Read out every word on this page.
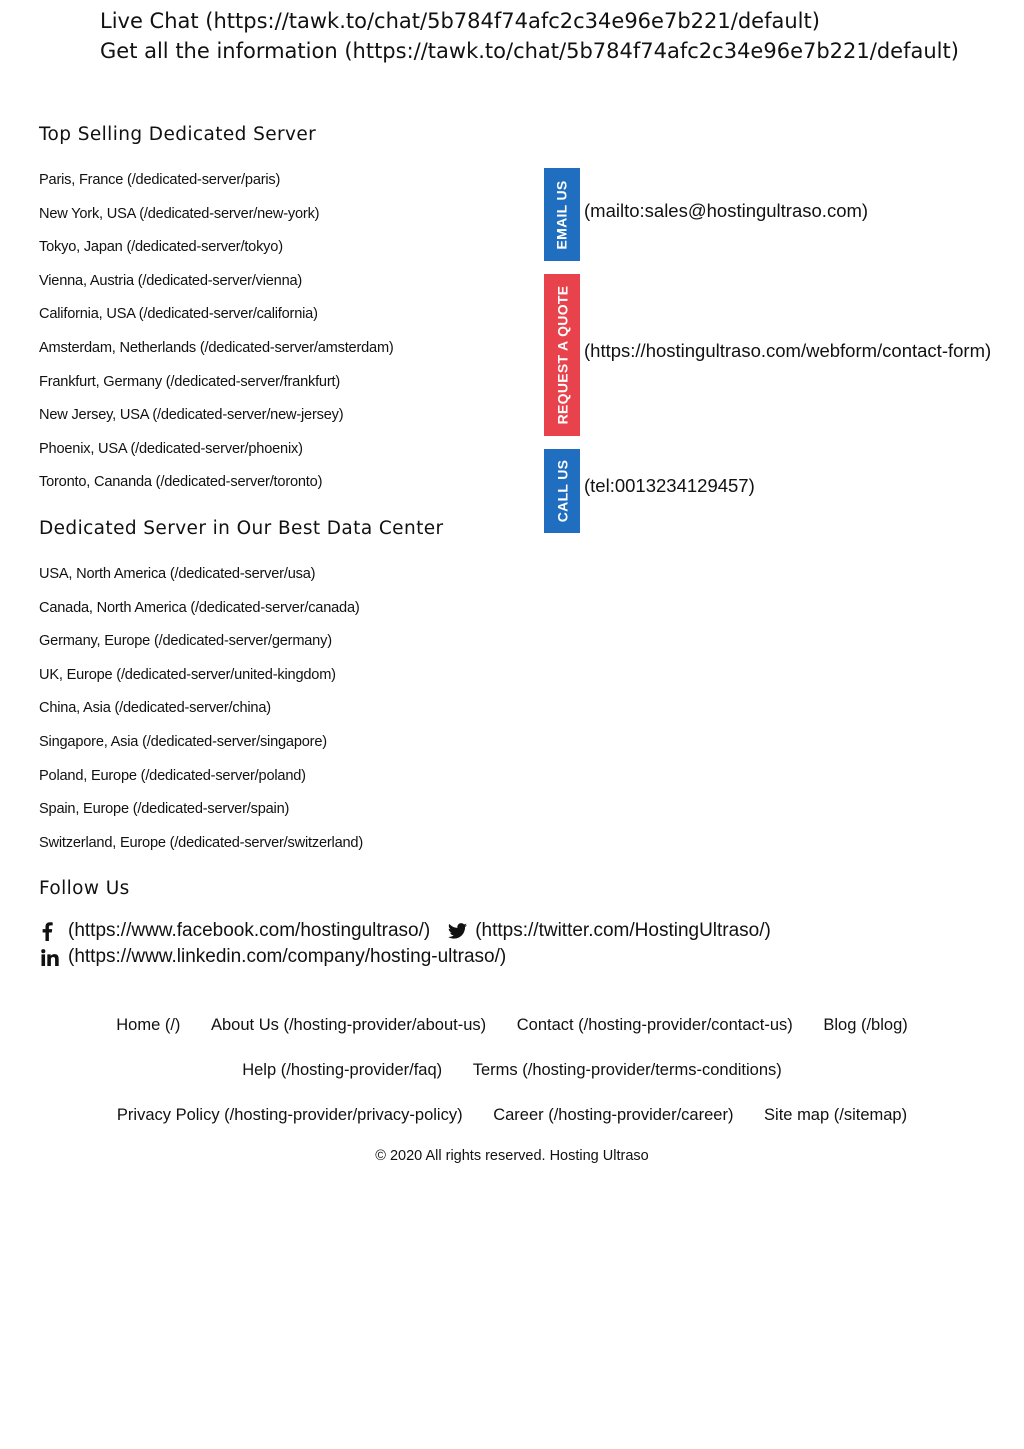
Live Chat (https://tawk.to/chat/5b784f74afc2c34e96e7b221/default)
Get all the information (https://tawk.to/chat/5b784f74afc2c34e96e7b221/default)
Top Selling Dedicated Server
Paris, France (/dedicated-server/paris)
New York, USA (/dedicated-server/new-york)
Tokyo, Japan (/dedicated-server/tokyo)
Vienna, Austria (/dedicated-server/vienna)
California, USA (/dedicated-server/california)
Amsterdam, Netherlands (/dedicated-server/amsterdam)
Frankfurt, Germany (/dedicated-server/frankfurt)
New Jersey, USA (/dedicated-server/new-jersey)
Phoenix, USA (/dedicated-server/phoenix)
Toronto, Cananda (/dedicated-server/toronto)
Dedicated Server in Our Best Data Center
USA, North America (/dedicated-server/usa)
Canada, North America (/dedicated-server/canada)
Germany, Europe (/dedicated-server/germany)
UK, Europe (/dedicated-server/united-kingdom)
China, Asia (/dedicated-server/china)
Singapore, Asia (/dedicated-server/singapore)
Poland, Europe (/dedicated-server/poland)
Spain, Europe (/dedicated-server/spain)
Switzerland, Europe (/dedicated-server/switzerland)
EMAIL US (mailto:sales@hostingultraso.com)
REQUEST A QUOTE (https://hostingultraso.com/webform/contact-form)
CALL US (tel:0013234129457)
Follow Us
(https://www.facebook.com/hostingultraso/) (https://twitter.com/HostingUltraso/)
(https://www.linkedin.com/company/hosting-ultraso/)
Home (/) About Us (/hosting-provider/about-us) Contact (/hosting-provider/contact-us) Blog (/blog)
Help (/hosting-provider/faq) Terms (/hosting-provider/terms-conditions)
Privacy Policy (/hosting-provider/privacy-policy) Career (/hosting-provider/career) Site map (/sitemap)
© 2020 All rights reserved. Hosting Ultraso
